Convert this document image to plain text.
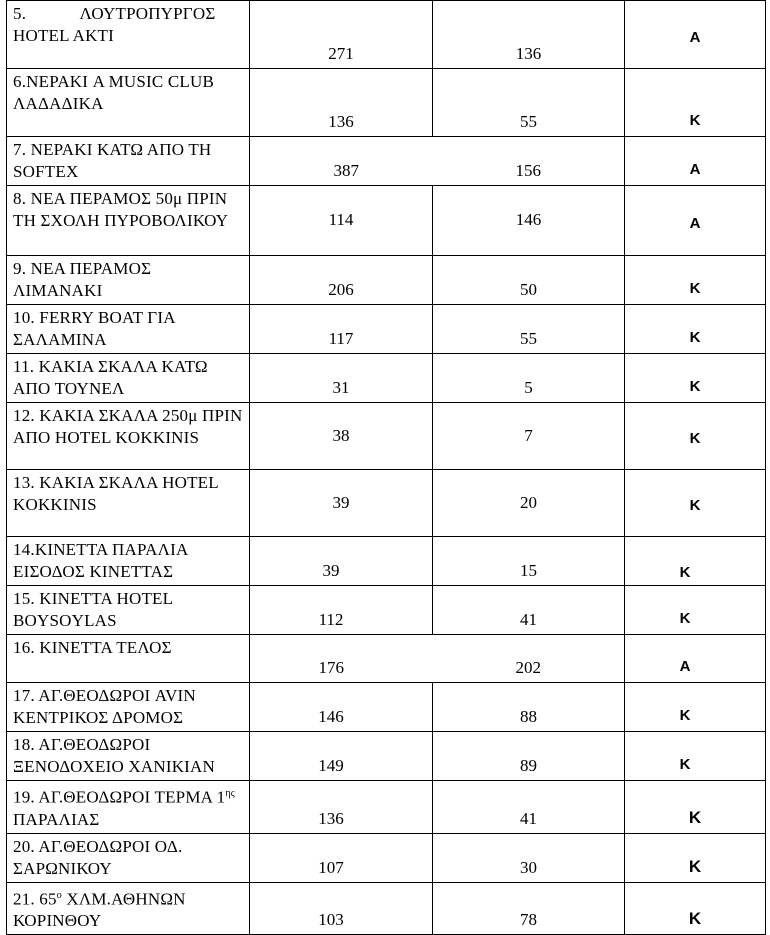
5.            ΛΟΥΤΡΟΠΥΡΓΟΣ HOTEL AKTI	271	136	A

6.ΝΕΡΑΚΙ A MUSIC CLUB ΛΑΔΑΔΙΚΑ	136	55	K

7. ΝΕΡΑΚΙ ΚΑΤΩ ΑΠΟ ΤΗ SOFTEX	387	156	A

8. ΝΕΑ ΠΕΡΑΜΟΣ 50μ ΠΡΙΝ ΤΗ ΣΧΟΛΗ ΠΥΡΟΒΟΛΙΚΟΥ	114	146	A

9. ΝΕΑ ΠΕΡΑΜΟΣ ΛΙΜΑΝΑΚΙ	206	50	K

10. FERRY BOAT ΓΙΑ ΣΑΛΑΜΙΝΑ	117	55	K

11. ΚΑΚΙΑ ΣΚΑΛΑ ΚΑΤΩ ΑΠΟ ΤΟΥΝΕΛ	31	5	K

12. ΚΑΚΙΑ ΣΚΑΛΑ 250μ ΠΡΙΝ ΑΠΟ HOTEL KOKKINIS	38	7	K

13. ΚΑΚΙΑ ΣΚΑΛΑ HOTEL KOKKINIS	39	20	K

14.ΚΙΝΕΤΤΑ ΠΑΡΑΛΙΑ ΕΙΣΟΔΟΣ ΚΙΝΕΤΤΑΣ	39	15	K

15. ΚΙΝΕΤΤΑ HOTEL BOYSOYLAS	112	41	K

16. ΚΙΝΕΤΤΑ ΤΕΛΟΣ	176	202	A

17. ΑΓ.ΘΕΟΔΩΡΟΙ AVIN ΚΕΝΤΡΙΚΟΣ ΔΡΟΜΟΣ	146	88	K

18. ΑΓ.ΘΕΟΔΩΡΟΙ ΞΕΝΟΔΟΧΕΙΟ ΧΑΝΙΚΙΑΝ	149	89	K

19. ΑΓ.ΘΕΟΔΩΡΟΙ ΤΕΡΜΑ $1^{\eta\varsigma}$ ΠΑΡΑΛΙΑΣ	136	41	K

20. ΑΓ.ΘΕΟΔΩΡΟΙ ΟΔ. ΣΑΡΩΝΙΚΟΥ	107	30	K

21. $65^o$ ΧΛΜ.ΑΘΗΝΩΝ ΚΟΡΙΝΘΟΥ	103	78	K
